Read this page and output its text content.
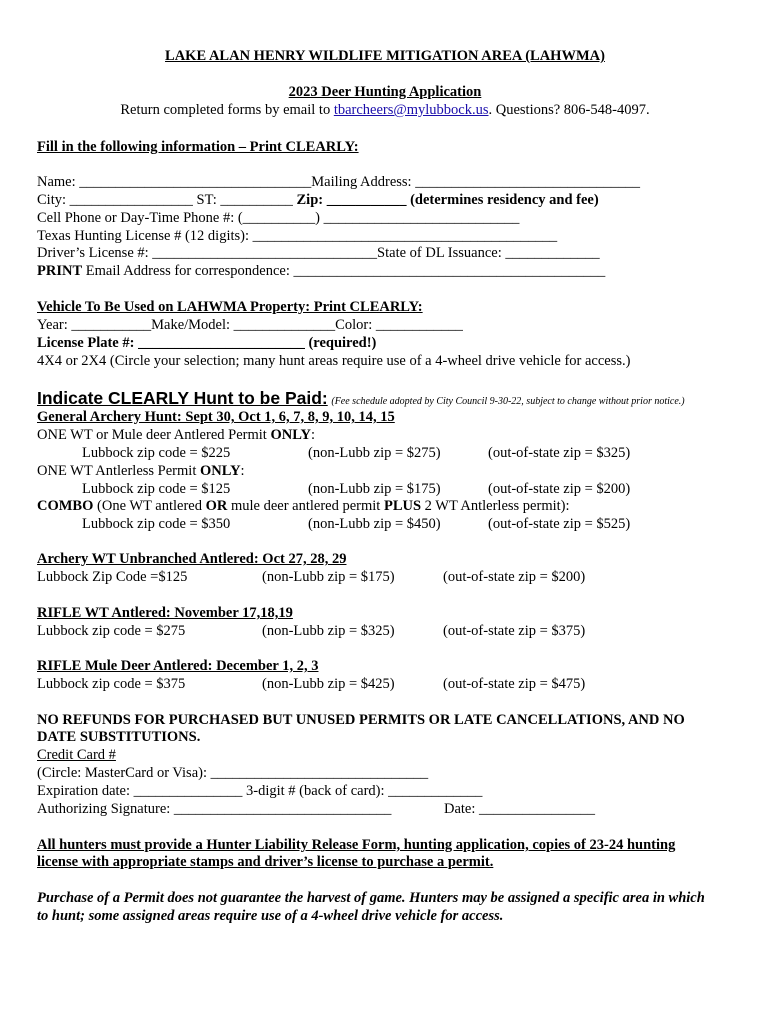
LAKE ALAN HENRY WILDLIFE MITIGATION AREA (LAHWMA)
2023 Deer Hunting Application
Return completed forms by email to tbarcheers@mylubbock.us. Questions? 806-548-4097.
Fill in the following information – Print CLEARLY:
Name: ________________________________Mailing Address: _______________________________
City: _________________ ST: __________ Zip: ___________ (determines residency and fee)
Cell Phone or Day-Time Phone #: (__________) ___________________________
Texas Hunting License # (12 digits): __________________________________________
Driver’s License #: _______________________________State of DL Issuance: _____________
PRINT Email Address for correspondence: ___________________________________________
Vehicle To Be Used on LAHWMA Property: Print CLEARLY:
Year: ___________Make/Model: ______________Color: ____________
License Plate #: _______________________ (required!)
4X4 or 2X4 (Circle your selection; many hunt areas require use of a 4-wheel drive vehicle for access.)
Indicate CLEARLY Hunt to be Paid: (Fee schedule adopted by City Council 9-30-22, subject to change without prior notice.)
General Archery Hunt: Sept 30, Oct 1, 6, 7, 8, 9, 10, 14, 15
ONE WT or Mule deer Antlered Permit ONLY:
Lubbock zip code = $225	(non-Lubb zip = $275)	(out-of-state zip = $325)
ONE WT Antlerless Permit ONLY:
Lubbock zip code = $125	(non-Lubb zip = $175)	(out-of-state zip = $200)
COMBO (One WT antlered OR mule deer antlered permit PLUS 2 WT Antlerless permit):
Lubbock zip code = $350	(non-Lubb zip = $450)	(out-of-state zip = $525)
Archery WT Unbranched Antlered: Oct 27, 28, 29
Lubbock Zip Code =$125	(non-Lubb zip = $175)	(out-of-state zip = $200)
RIFLE WT Antlered: November 17,18,19
Lubbock zip code = $275	(non-Lubb zip = $325)	(out-of-state zip = $375)
RIFLE Mule Deer Antlered: December 1, 2, 3
Lubbock zip code = $375	(non-Lubb zip = $425)	(out-of-state zip = $475)
NO REFUNDS FOR PURCHASED BUT UNUSED PERMITS OR LATE CANCELLATIONS, AND NO
DATE SUBSTITUTIONS.
Credit Card #
(Circle: MasterCard or Visa): ______________________________
Expiration date: _______________ 3-digit # (back of card): _____________
Authorizing Signature: ______________________________	Date: ________________
All hunters must provide a Hunter Liability Release Form, hunting application, copies of 23-24 hunting
license with appropriate stamps and driver’s license to purchase a permit.
Purchase of a Permit does not guarantee the harvest of game. Hunters may be assigned a specific area in which
to hunt; some assigned areas require use of a 4-wheel drive vehicle for access.
